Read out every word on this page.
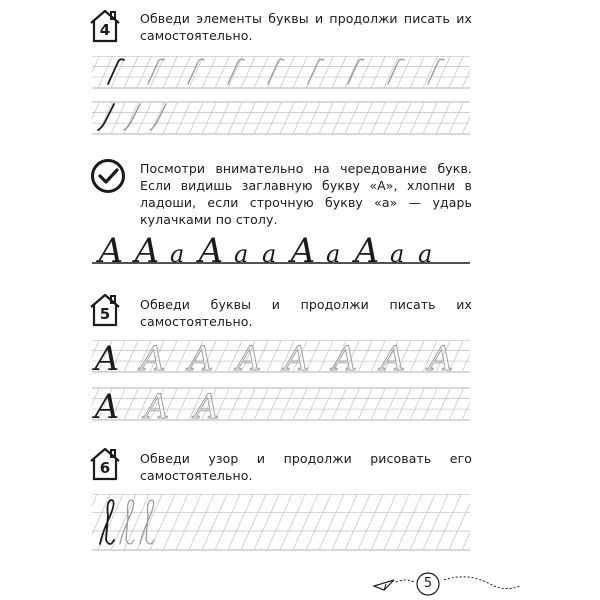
4

Обведи элементы буквы и продолжи писать их самостоятельно.

Посмотри внимательно на чередование букв. Если видишь заглавную букву «А», хлопни в ладоши, если строчную букву «а» — ударь кулачками по столу.

А А а А а а А а А а а
5

Обведи буквы и продолжи писать их самостоятельно.

А А А А А А А А
А А А
6

Обведи узор и продолжи рисовать его самостоятельно.

5
